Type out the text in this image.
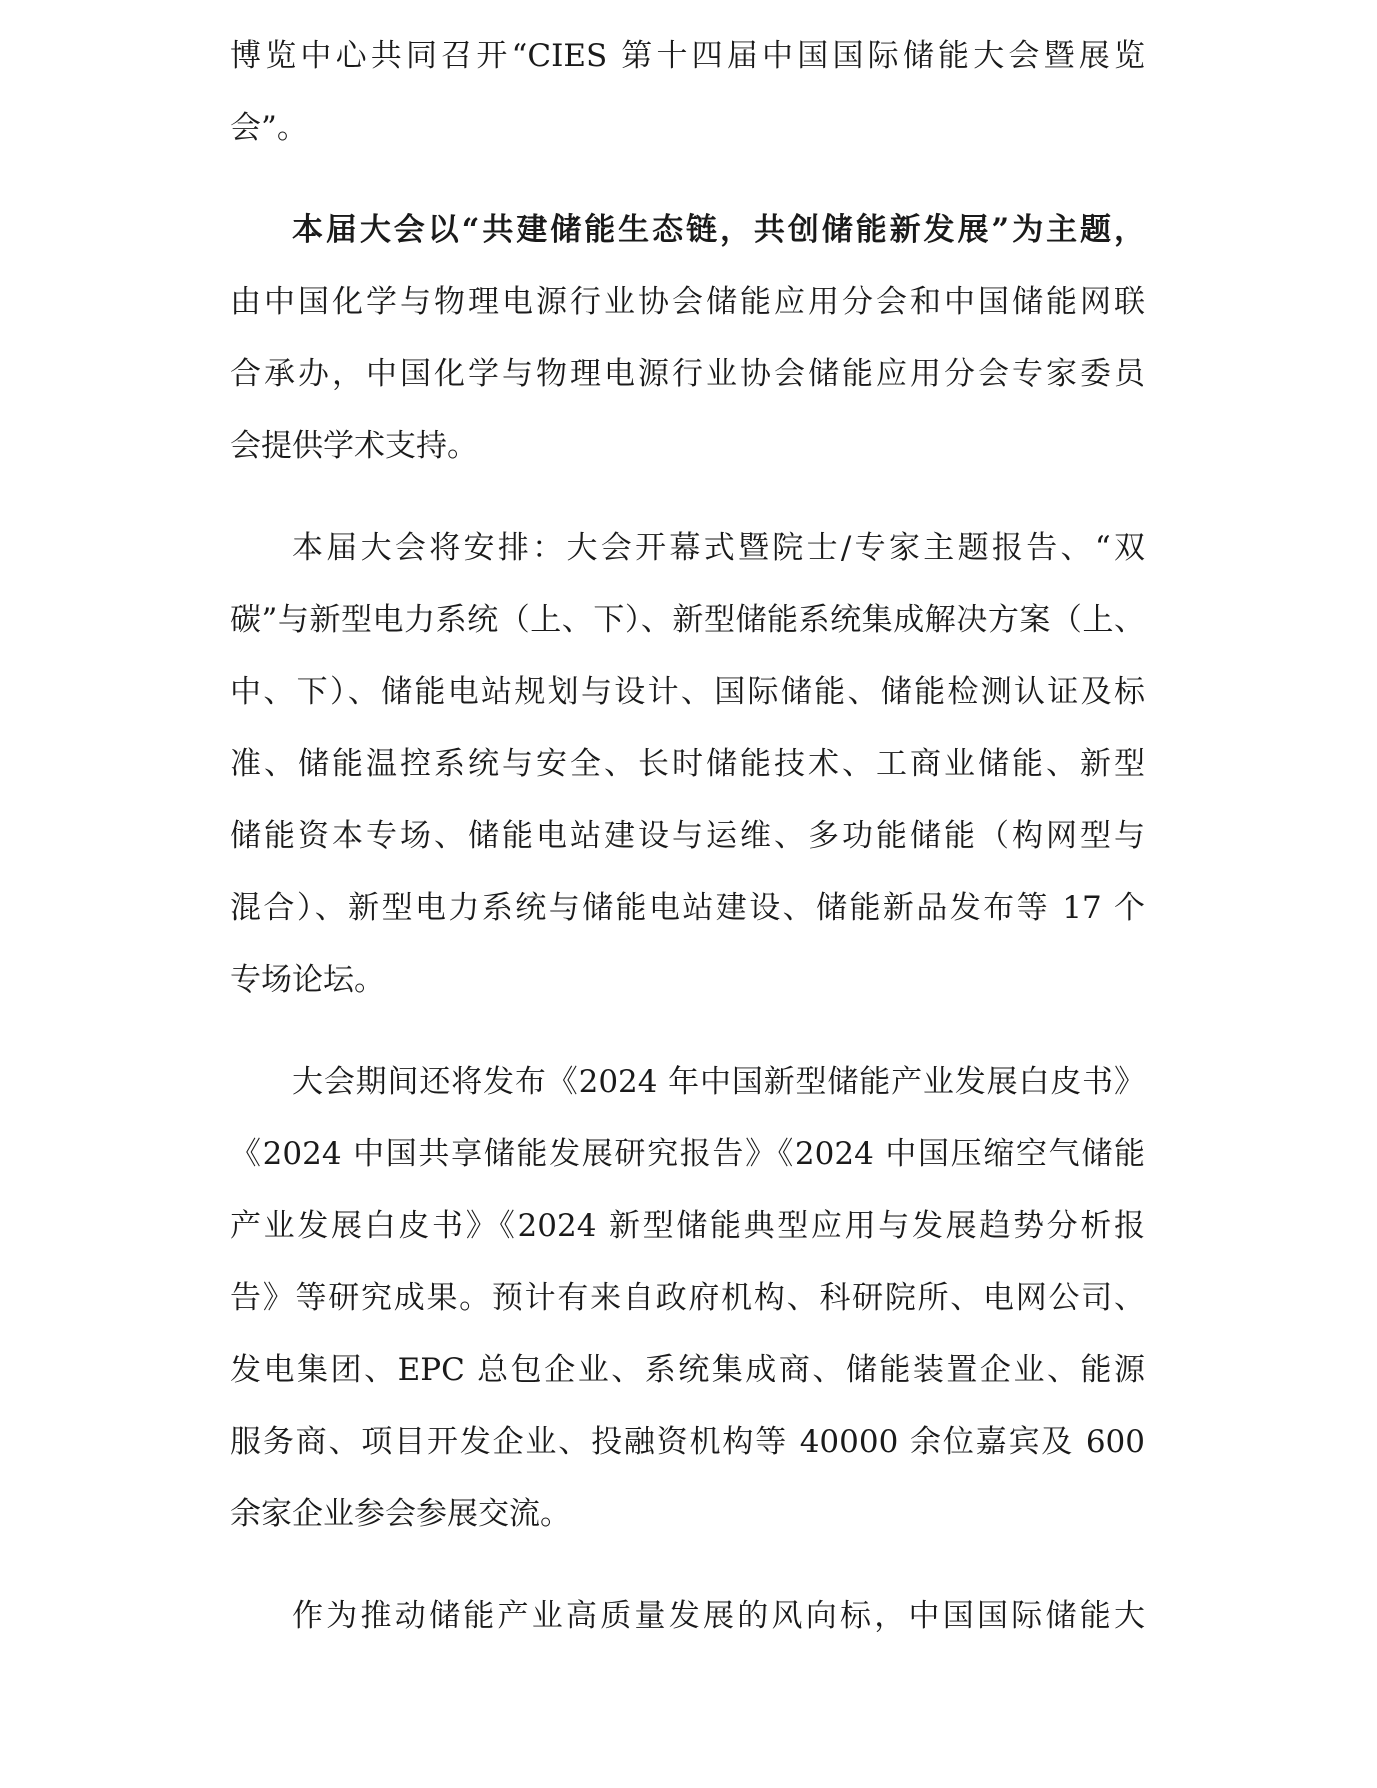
博览中心共同召开“CIES 第十四届中国国际储能大会暨展览
会”。
本届大会以“共建储能生态链，共创储能新发展”为主题，
由中国化学与物理电源行业协会储能应用分会和中国储能网联
合承办，中国化学与物理电源行业协会储能应用分会专家委员
会提供学术支持。
本届大会将安排：大会开幕式暨院士/专家主题报告、“双
碳”与新型电力系统（上、下）、新型储能系统集成解决方案（上、
中、下）、储能电站规划与设计、国际储能、储能检测认证及标
准、储能温控系统与安全、长时储能技术、工商业储能、新型
储能资本专场、储能电站建设与运维、多功能储能（构网型与
混合）、新型电力系统与储能电站建设、储能新品发布等 17 个
专场论坛。
大会期间还将发布《2024 年中国新型储能产业发展白皮书》
《2024 中国共享储能发展研究报告》《2024 中国压缩空气储能
产业发展白皮书》《2024 新型储能典型应用与发展趋势分析报
告》等研究成果。预计有来自政府机构、科研院所、电网公司、
发电集团、EPC 总包企业、系统集成商、储能装置企业、能源
服务商、项目开发企业、投融资机构等 40000 余位嘉宾及 600
余家企业参会参展交流。
作为推动储能产业高质量发展的风向标，中国国际储能大
